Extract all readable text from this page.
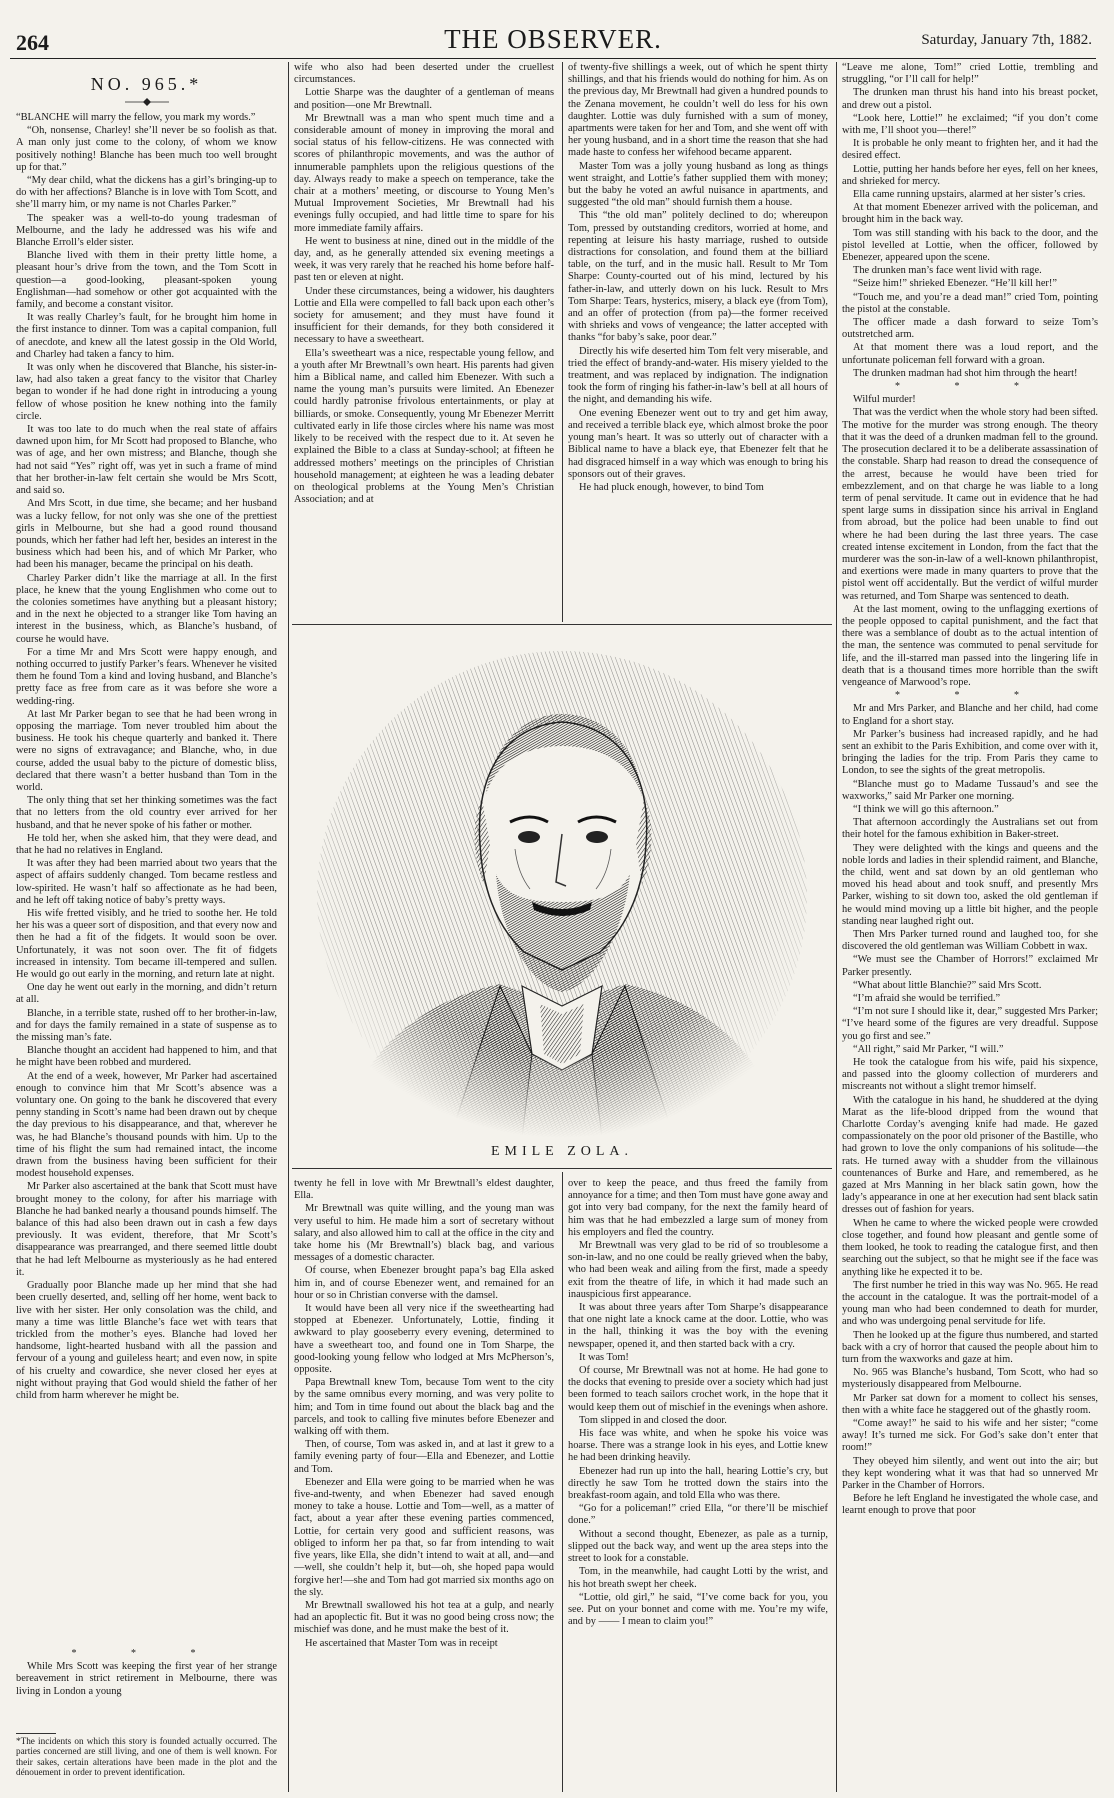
264	THE OBSERVER.	Saturday, January 7th, 1882.
NO. 965.*

“BLANCHE will marry the fellow, you mark my words.”

“Oh, nonsense, Charley! she’ll never be so foolish as that. A man only just come to the colony, of whom we know positively nothing! Blanche has been much too well brought up for that.”

“My dear child, what the dickens has a girl’s bringing-up to do with her affections? Blanche is in love with Tom Scott, and she’ll marry him, or my name is not Charles Parker.”

The speaker was a well-to-do young tradesman of Melbourne, and the lady he addressed was his wife and Blanche Erroll’s elder sister.

Blanche lived with them in their pretty little home, a pleasant hour’s drive from the town, and the Tom Scott in question—a good-looking, pleasant-spoken young Englishman—had somehow or other got acquainted with the family, and become a constant visitor.

It was really Charley’s fault, for he brought him home in the first instance to dinner. Tom was a capital companion, full of anecdote, and knew all the latest gossip in the Old World, and Charley had taken a fancy to him.

It was only when he discovered that Blanche, his sister-in-law, had also taken a great fancy to the visitor that Charley began to wonder if he had done right in introducing a young fellow of whose position he knew nothing into the family circle.

It was too late to do much when the real state of affairs dawned upon him, for Mr Scott had proposed to Blanche, who was of age, and her own mistress; and Blanche, though she had not said “Yes” right off, was yet in such a frame of mind that her brother-in-law felt certain she would be Mrs Scott, and said so.

And Mrs Scott, in due time, she became; and her husband was a lucky fellow, for not only was she one of the prettiest girls in Melbourne, but she had a good round thousand pounds, which her father had left her, besides an interest in the business which had been his, and of which Mr Parker, who had been his manager, became the principal on his death.

Charley Parker didn’t like the marriage at all. In the first place, he knew that the young Englishmen who come out to the colonies sometimes have anything but a pleasant history; and in the next he objected to a stranger like Tom having an interest in the business, which, as Blanche’s husband, of course he would have.

For a time Mr and Mrs Scott were happy enough, and nothing occurred to justify Parker’s fears. Whenever he visited them he found Tom a kind and loving husband, and Blanche’s pretty face as free from care as it was before she wore a wedding-ring.

At last Mr Parker began to see that he had been wrong in opposing the marriage. Tom never troubled him about the business. He took his cheque quarterly and banked it. There were no signs of extravagance; and Blanche, who, in due course, added the usual baby to the picture of domestic bliss, declared that there wasn’t a better husband than Tom in the world.

The only thing that set her thinking sometimes was the fact that no letters from the old country ever arrived for her husband, and that he never spoke of his father or mother.

He told her, when she asked him, that they were dead, and that he had no relatives in England.

It was after they had been married about two years that the aspect of affairs suddenly changed. Tom became restless and low-spirited. He wasn’t half so affectionate as he had been, and he left off taking notice of baby’s pretty ways.

His wife fretted visibly, and he tried to soothe her. He told her his was a queer sort of disposition, and that every now and then he had a fit of the fidgets. It would soon be over. Unfortunately, it was not soon over. The fit of fidgets increased in intensity. Tom became ill-tempered and sullen. He would go out early in the morning, and return late at night.

One day he went out early in the morning, and didn’t return at all.

Blanche, in a terrible state, rushed off to her brother-in-law, and for days the family remained in a state of suspense as to the missing man’s fate.

Blanche thought an accident had happened to him, and that he might have been robbed and murdered.

At the end of a week, however, Mr Parker had ascertained enough to convince him that Mr Scott’s absence was a voluntary one. On going to the bank he discovered that every penny standing in Scott’s name had been drawn out by cheque the day previous to his disappearance, and that, wherever he was, he had Blanche’s thousand pounds with him. Up to the time of his flight the sum had remained intact, the income drawn from the business having been sufficient for their modest household expenses.

Mr Parker also ascertained at the bank that Scott must have brought money to the colony, for after his marriage with Blanche he had banked nearly a thousand pounds himself. The balance of this had also been drawn out in cash a few days previously. It was evident, therefore, that Mr Scott’s disappearance was prearranged, and there seemed little doubt that he had left Melbourne as mysteriously as he had entered it.

Gradually poor Blanche made up her mind that she had been cruelly deserted, and, selling off her home, went back to live with her sister. Her only consolation was the child, and many a time was little Blanche’s face wet with tears that trickled from the mother’s eyes. Blanche had loved her handsome, light-hearted husband with all the passion and fervour of a young and guileless heart; and even now, in spite of his cruelty and cowardice, she never closed her eyes at night without praying that God would shield the father of her child from harm wherever he might be.

* * *

While Mrs Scott was keeping the first year of her strange bereavement in strict retirement in Melbourne, there was living in London a young

*The incidents on which this story is founded actually occurred. The parties concerned are still living, and one of them is well known. For their sakes, certain alterations have been made in the plot and the dénouement in order to prevent identification.

wife who also had been deserted under the cruellest circumstances.

Lottie Sharpe was the daughter of a gentleman of means and position—one Mr Brewtnall.

Mr Brewtnall was a man who spent much time and a considerable amount of money in improving the moral and social status of his fellow-citizens. He was connected with scores of philanthropic movements, and was the author of innumerable pamphlets upon the religious questions of the day. Always ready to make a speech on temperance, take the chair at a mothers’ meeting, or discourse to Young Men’s Mutual Improvement Societies, Mr Brewtnall had his evenings fully occupied, and had little time to spare for his more immediate family affairs.

He went to business at nine, dined out in the middle of the day, and, as he generally attended six evening meetings a week, it was very rarely that he reached his home before half-past ten or eleven at night.

Under these circumstances, being a widower, his daughters Lottie and Ella were compelled to fall back upon each other’s society for amusement; and they must have found it insufficient for their demands, for they both considered it necessary to have a sweetheart.

Ella’s sweetheart was a nice, respectable young fellow, and a youth after Mr Brewtnall’s own heart. His parents had given him a Biblical name, and called him Ebenezer. With such a name the young man’s pursuits were limited. An Ebenezer could hardly patronise frivolous entertainments, or play at billiards, or smoke. Consequently, young Mr Ebenezer Merritt cultivated early in life those circles where his name was most likely to be received with the respect due to it. At seven he explained the Bible to a class at Sunday-school; at fifteen he addressed mothers’ meetings on the principles of Christian household management; at eighteen he was a leading debater on theological problems at the Young Men’s Christian Association; and at

of twenty-five shillings a week, out of which he spent thirty shillings, and that his friends would do nothing for him. As on the previous day, Mr Brewtnall had given a hundred pounds to the Zenana movement, he couldn’t well do less for his own daughter. Lottie was duly furnished with a sum of money, apartments were taken for her and Tom, and she went off with her young husband, and in a short time the reason that she had made haste to confess her wifehood became apparent.

Master Tom was a jolly young husband as long as things went straight, and Lottie’s father supplied them with money; but the baby he voted an awful nuisance in apartments, and suggested “the old man” should furnish them a house.

This “the old man” politely declined to do; whereupon Tom, pressed by outstanding creditors, worried at home, and repenting at leisure his hasty marriage, rushed to outside distractions for consolation, and found them at the billiard table, on the turf, and in the music hall. Result to Mr Tom Sharpe: County-courted out of his mind, lectured by his father-in-law, and utterly down on his luck. Result to Mrs Tom Sharpe: Tears, hysterics, misery, a black eye (from Tom), and an offer of protection (from pa)—the former received with shrieks and vows of vengeance; the latter accepted with thanks “for baby’s sake, poor dear.”

Directly his wife deserted him Tom felt very miserable, and tried the effect of brandy-and-water. His misery yielded to the treatment, and was replaced by indignation. The indignation took the form of ringing his father-in-law’s bell at all hours of the night, and demanding his wife.

One evening Ebenezer went out to try and get him away, and received a terrible black eye, which almost broke the poor young man’s heart. It was so utterly out of character with a Biblical name to have a black eye, that Ebenezer felt that he had disgraced himself in a way which was enough to bring his sponsors out of their graves.

He had pluck enough, however, to bind Tom

EMILE ZOLA.

twenty he fell in love with Mr Brewtnall’s eldest daughter, Ella.

Mr Brewtnall was quite willing, and the young man was very useful to him. He made him a sort of secretary without salary, and also allowed him to call at the office in the city and take home his (Mr Brewtnall’s) black bag, and various messages of a domestic character.

Of course, when Ebenezer brought papa’s bag Ella asked him in, and of course Ebenezer went, and remained for an hour or so in Christian converse with the damsel.

It would have been all very nice if the sweethearting had stopped at Ebenezer. Unfortunately, Lottie, finding it awkward to play gooseberry every evening, determined to have a sweetheart too, and found one in Tom Sharpe, the good-looking young fellow who lodged at Mrs McPherson’s, opposite.

Papa Brewtnall knew Tom, because Tom went to the city by the same omnibus every morning, and was very polite to him; and Tom in time found out about the black bag and the parcels, and took to calling five minutes before Ebenezer and walking off with them.

Then, of course, Tom was asked in, and at last it grew to a family evening party of four—Ella and Ebenezer, and Lottie and Tom.

Ebenezer and Ella were going to be married when he was five-and-twenty, and when Ebenezer had saved enough money to take a house. Lottie and Tom—well, as a matter of fact, about a year after these evening parties commenced, Lottie, for certain very good and sufficient reasons, was obliged to inform her pa that, so far from intending to wait five years, like Ella, she didn’t intend to wait at all, and—and—well, she couldn’t help it, but—oh, she hoped papa would forgive her!—she and Tom had got married six months ago on the sly.

Mr Brewtnall swallowed his hot tea at a gulp, and nearly had an apoplectic fit. But it was no good being cross now; the mischief was done, and he must make the best of it.

He ascertained that Master Tom was in receipt

over to keep the peace, and thus freed the family from annoyance for a time; and then Tom must have gone away and got into very bad company, for the next the family heard of him was that he had embezzled a large sum of money from his employers and fled the country.

Mr Brewtnall was very glad to be rid of so troublesome a son-in-law, and no one could be really grieved when the baby, who had been weak and ailing from the first, made a speedy exit from the theatre of life, in which it had made such an inauspicious first appearance.

It was about three years after Tom Sharpe’s disappearance that one night late a knock came at the door. Lottie, who was in the hall, thinking it was the boy with the evening newspaper, opened it, and then started back with a cry.

It was Tom!

Of course, Mr Brewtnall was not at home. He had gone to the docks that evening to preside over a society which had just been formed to teach sailors crochet work, in the hope that it would keep them out of mischief in the evenings when ashore.

Tom slipped in and closed the door.

His face was white, and when he spoke his voice was hoarse. There was a strange look in his eyes, and Lottie knew he had been drinking heavily.

Ebenezer had run up into the hall, hearing Lottie’s cry, but directly he saw Tom he trotted down the stairs into the breakfast-room again, and told Ella who was there.

“Go for a policeman!” cried Ella, “or there’ll be mischief done.”

Without a second thought, Ebenezer, as pale as a turnip, slipped out the back way, and went up the area steps into the street to look for a constable.

Tom, in the meanwhile, had caught Lotti by the wrist, and his hot breath swept her cheek.

“Lottie, old girl,” he said, “I’ve come back for you, you see. Put on your bonnet and come with me. You’re my wife, and by —— I mean to claim you!”

“Leave me alone, Tom!” cried Lottie, trembling and struggling, “or I’ll call for help!”

The drunken man thrust his hand into his breast pocket, and drew out a pistol.

“Look here, Lottie!” he exclaimed; “if you don’t come with me, I’ll shoot you—there!”

It is probable he only meant to frighten her, and it had the desired effect.

Lottie, putting her hands before her eyes, fell on her knees, and shrieked for mercy.

Ella came running upstairs, alarmed at her sister’s cries.

At that moment Ebenezer arrived with the policeman, and brought him in the back way.

Tom was still standing with his back to the door, and the pistol levelled at Lottie, when the officer, followed by Ebenezer, appeared upon the scene.

The drunken man’s face went livid with rage.

“Seize him!” shrieked Ebenezer. “He’ll kill her!”

“Touch me, and you’re a dead man!” cried Tom, pointing the pistol at the constable.

The officer made a dash forward to seize Tom’s outstretched arm.

At that moment there was a loud report, and the unfortunate policeman fell forward with a groan.

The drunken madman had shot him through the heart!

* * *

Wilful murder!

That was the verdict when the whole story had been sifted. The motive for the murder was strong enough. The theory that it was the deed of a drunken madman fell to the ground. The prosecution declared it to be a deliberate assassination of the constable. Sharp had reason to dread the consequence of the arrest, because he would have been tried for embezzlement, and on that charge he was liable to a long term of penal servitude. It came out in evidence that he had spent large sums in dissipation since his arrival in England from abroad, but the police had been unable to find out where he had been during the last three years. The case created intense excitement in London, from the fact that the murderer was the son-in-law of a well-known philanthropist, and exertions were made in many quarters to prove that the pistol went off accidentally. But the verdict of wilful murder was returned, and Tom Sharpe was sentenced to death.

At the last moment, owing to the unflagging exertions of the people opposed to capital punishment, and the fact that there was a semblance of doubt as to the actual intention of the man, the sentence was commuted to penal servitude for life, and the ill-starred man passed into the lingering life in death that is a thousand times more horrible than the swift vengeance of Marwood’s rope.

* * *

Mr and Mrs Parker, and Blanche and her child, had come to England for a short stay.

Mr Parker’s business had increased rapidly, and he had sent an exhibit to the Paris Exhibition, and come over with it, bringing the ladies for the trip. From Paris they came to London, to see the sights of the great metropolis.

“Blanche must go to Madame Tussaud’s and see the waxworks,” said Mr Parker one morning.

“I think we will go this afternoon.”

That afternoon accordingly the Australians set out from their hotel for the famous exhibition in Baker-street.

They were delighted with the kings and queens and the noble lords and ladies in their splendid raiment, and Blanche, the child, went and sat down by an old gentleman who moved his head about and took snuff, and presently Mrs Parker, wishing to sit down too, asked the old gentleman if he would mind moving up a little bit higher, and the people standing near laughed right out.

Then Mrs Parker turned round and laughed too, for she discovered the old gentleman was William Cobbett in wax.

“We must see the Chamber of Horrors!” exclaimed Mr Parker presently.

“What about little Blanchie?” said Mrs Scott.

“I’m afraid she would be terrified.”

“I’m not sure I should like it, dear,” suggested Mrs Parker; “I’ve heard some of the figures are very dreadful. Suppose you go first and see.”

“All right,” said Mr Parker, “I will.”

He took the catalogue from his wife, paid his sixpence, and passed into the gloomy collection of murderers and miscreants not without a slight tremor himself.

With the catalogue in his hand, he shuddered at the dying Marat as the life-blood dripped from the wound that Charlotte Corday’s avenging knife had made. He gazed compassionately on the poor old prisoner of the Bastille, who had grown to love the only companions of his solitude—the rats. He turned away with a shudder from the villainous countenances of Burke and Hare, and remembered, as he gazed at Mrs Manning in her black satin gown, how the lady’s appearance in one at her execution had sent black satin dresses out of fashion for years.

When he came to where the wicked people were crowded close together, and found how pleasant and gentle some of them looked, he took to reading the catalogue first, and then searching out the subject, so that he might see if the face was anything like he expected it to be.

The first number he tried in this way was No. 965. He read the account in the catalogue. It was the portrait-model of a young man who had been condemned to death for murder, and who was undergoing penal servitude for life.

Then he looked up at the figure thus numbered, and started back with a cry of horror that caused the people about him to turn from the waxworks and gaze at him.

No. 965 was Blanche’s husband, Tom Scott, who had so mysteriously disappeared from Melbourne.

Mr Parker sat down for a moment to collect his senses, then with a white face he staggered out of the ghastly room.

“Come away!” he said to his wife and her sister; “come away! It’s turned me sick. For God’s sake don’t enter that room!”

They obeyed him silently, and went out into the air; but they kept wondering what it was that had so unnerved Mr Parker in the Chamber of Horrors.

Before he left England he investigated the whole case, and learnt enough to prove that poor
